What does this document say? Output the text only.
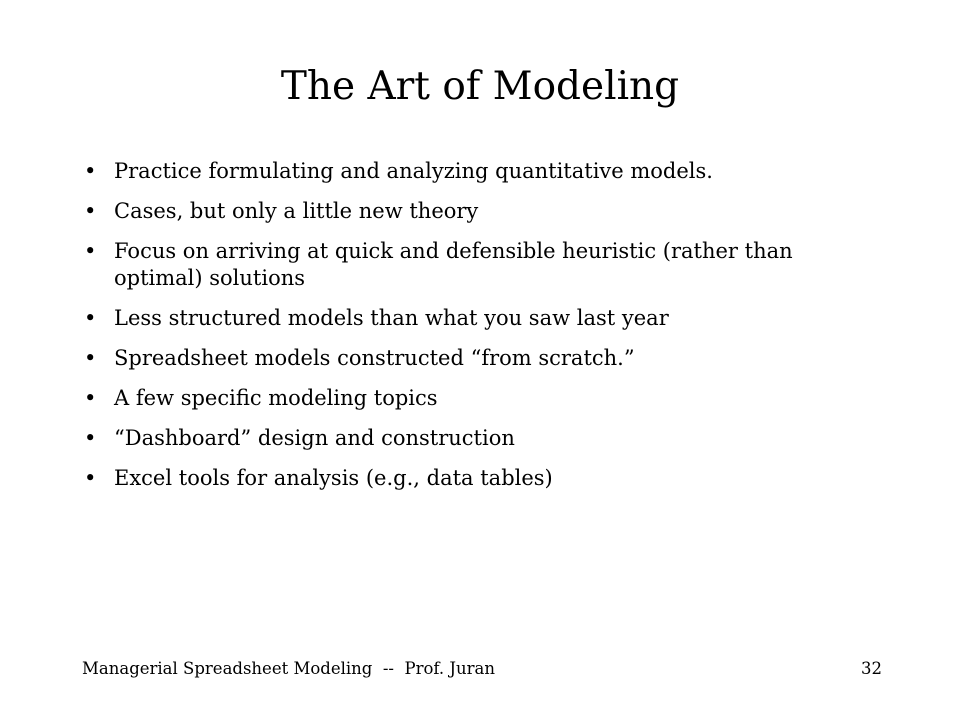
The Art of Modeling
• Practice formulating and analyzing quantitative models.
• Cases, but only a little new theory
• Focus on arriving at quick and defensible heuristic (rather than optimal) solutions
• Less structured models than what you saw last year
• Spreadsheet models constructed “from scratch.”
• A few specific modeling topics
• “Dashboard” design and construction
• Excel tools for analysis (e.g., data tables)
Managerial Spreadsheet Modeling  --  Prof. Juran	32
